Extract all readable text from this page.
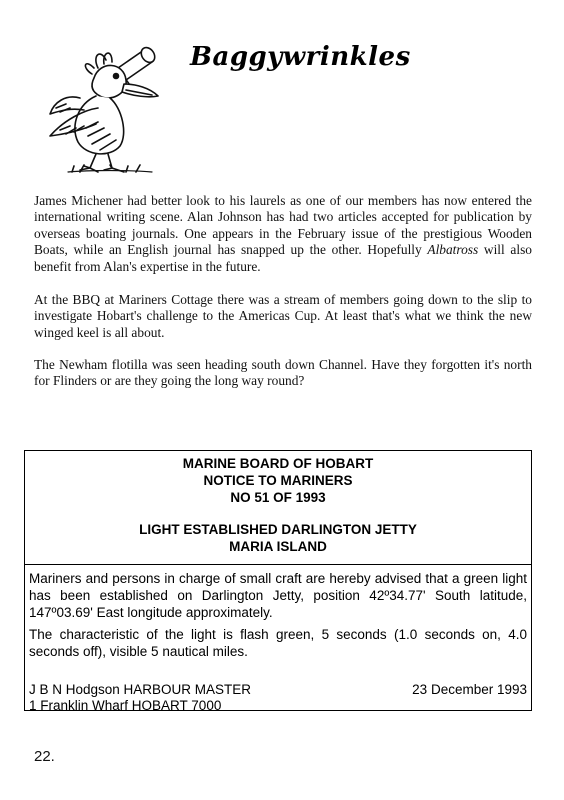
Baggywrinkles

James Michener had better look to his laurels as one of our members has now entered the international writing scene. Alan Johnson has had two articles accepted for publication by overseas boating journals. One appears in the February issue of the prestigious Wooden Boats, while an English journal has snapped up the other. Hopefully Albatross will also benefit from Alan's expertise in the future.

At the BBQ at Mariners Cottage there was a stream of members going down to the slip to investigate Hobart's challenge to the Americas Cup. At least that's what we think the new winged keel is all about.

The Newham flotilla was seen heading south down Channel. Have they forgotten it's north for Flinders or are they going the long way round?

MARINE BOARD OF HOBART
NOTICE TO MARINERS
NO 51 OF 1993
LIGHT ESTABLISHED DARLINGTON JETTY
MARIA ISLAND

Mariners and persons in charge of small craft are hereby advised that a green light has been established on Darlington Jetty, position 42º34.77' South latitude, 147º03.69' East longitude approximately.

The characteristic of the light is flash green, 5 seconds (1.0 seconds on, 4.0 seconds off), visible 5 nautical miles.

J B N Hodgson HARBOUR MASTER
1 Franklin Wharf HOBART 7000
23 December 1993
22.
